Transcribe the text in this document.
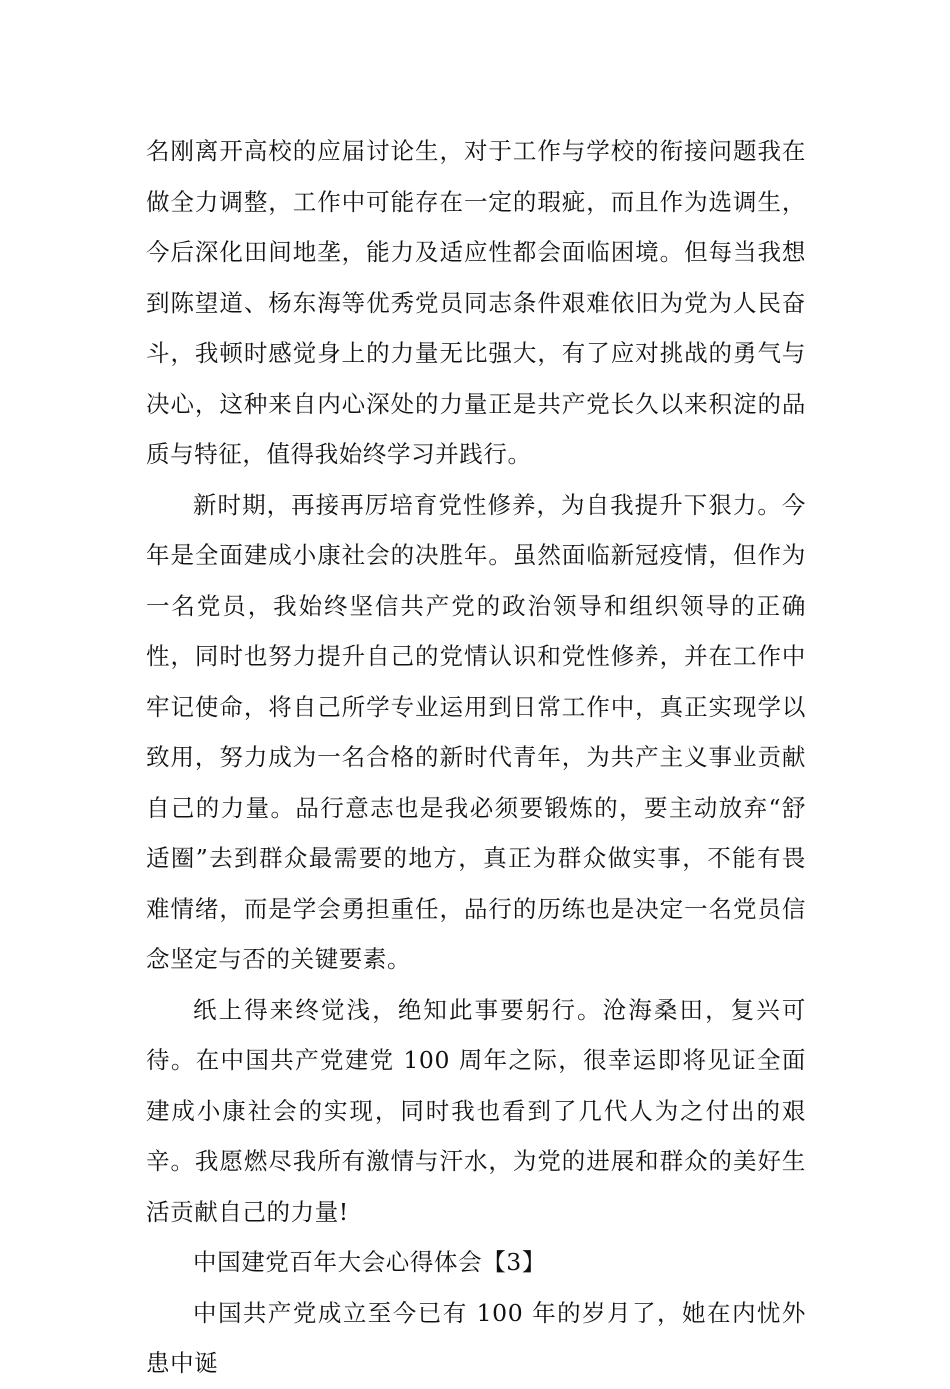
名刚离开高校的应届讨论生，对于工作与学校的衔接问题我在做全力调整，工作中可能存在一定的瑕疵，而且作为选调生，今后深化田间地垄，能力及适应性都会面临困境。但每当我想到陈望道、杨东海等优秀党员同志条件艰难依旧为党为人民奋斗，我顿时感觉身上的力量无比强大，有了应对挑战的勇气与决心，这种来自内心深处的力量正是共产党长久以来积淀的品质与特征，值得我始终学习并践行。

新时期，再接再厉培育党性修养，为自我提升下狠力。今年是全面建成小康社会的决胜年。虽然面临新冠疫情，但作为一名党员，我始终坚信共产党的政治领导和组织领导的正确性，同时也努力提升自己的党情认识和党性修养，并在工作中牢记使命，将自己所学专业运用到日常工作中，真正实现学以致用，努力成为一名合格的新时代青年，为共产主义事业贡献自己的力量。品行意志也是我必须要锻炼的，要主动放弃“舒适圈”去到群众最需要的地方，真正为群众做实事，不能有畏难情绪，而是学会勇担重任，品行的历练也是决定一名党员信念坚定与否的关键要素。

纸上得来终觉浅，绝知此事要躬行。沧海桑田，复兴可待。在中国共产党建党 100 周年之际，很幸运即将见证全面建成小康社会的实现，同时我也看到了几代人为之付出的艰辛。我愿燃尽我所有激情与汗水，为党的进展和群众的美好生活贡献自己的力量!

中国建党百年大会心得体会【3】

中国共产党成立至今已有 100 年的岁月了，她在内忧外患中诞
